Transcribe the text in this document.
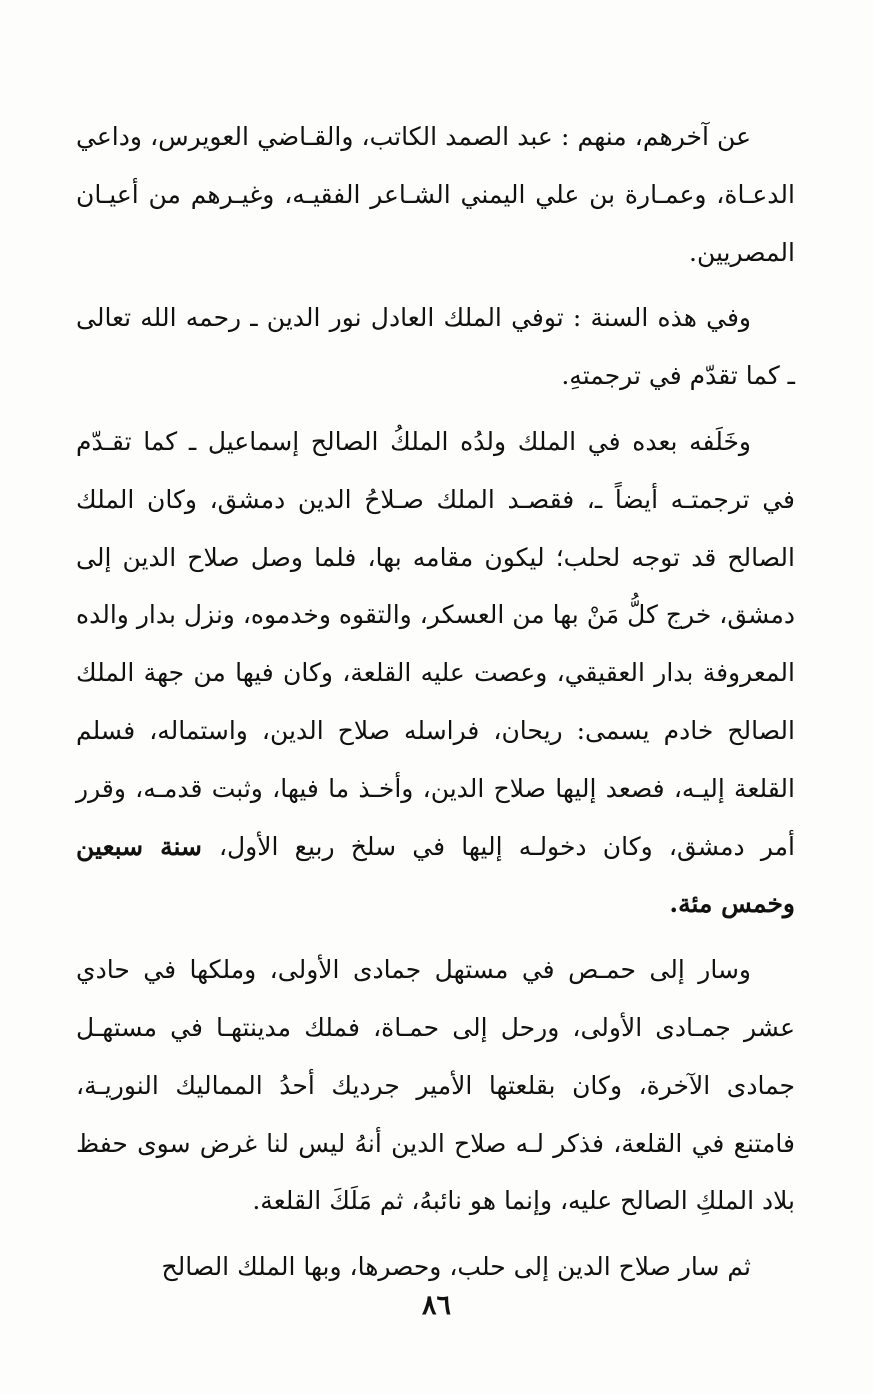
عن آخرهم، منهم : عبد الصمد الكاتب، والقـاضي العويرس، وداعي الدعـاة، وعمـارة بن علي اليمني الشـاعر الفقيـه، وغيـرهم من أعيـان المصريين.

وفي هذه السنة : توفي الملك العادل نور الدين ـ رحمه الله تعالى ـ كما تقدّم في ترجمتهِ.

وخَلَفه بعده في الملك ولدُه الملكُ الصالح إسماعيل ـ كما تقـدّم في ترجمتـه أيضاً ـ، فقصـد الملك صـلاحُ الدين دمشق، وكان الملك الصالح قد توجه لحلب؛ ليكون مقامه بها، فلما وصل صلاح الدين إلى دمشق، خرج كلُّ مَنْ بها من العسكر، والتقوه وخدموه، ونزل بدار والده المعروفة بدار العقيقي، وعصت عليه القلعة، وكان فيها من جهة الملك الصالح خادم يسمى: ريحان، فراسله صلاح الدين، واستماله، فسلم القلعة إليـه، فصعد إليها صلاح الدين، وأخـذ ما فيها، وثبت قدمـه، وقرر أمر دمشق، وكان دخولـه إليها في سلخ ربيع الأول، سنة سبعين وخمس مئة.

وسار إلى حمـص في مستهل جمادى الأولى، وملكها في حادي عشر جمـادى الأولى، ورحل إلى حمـاة، فملك مدينتهـا في مستهـل جمادى الآخرة، وكان بقلعتها الأمير جرديك أحدُ المماليك النوريـة، فامتنع في القلعة، فذكر لـه صلاح الدين أنهُ ليس لنا غرض سوى حفظ بلاد الملكِ الصالح عليه، وإنما هو نائبهُ، ثم مَلَكَ القلعة.

ثم سار صلاح الدين إلى حلب، وحصرها، وبها الملك الصالح

٨٦
